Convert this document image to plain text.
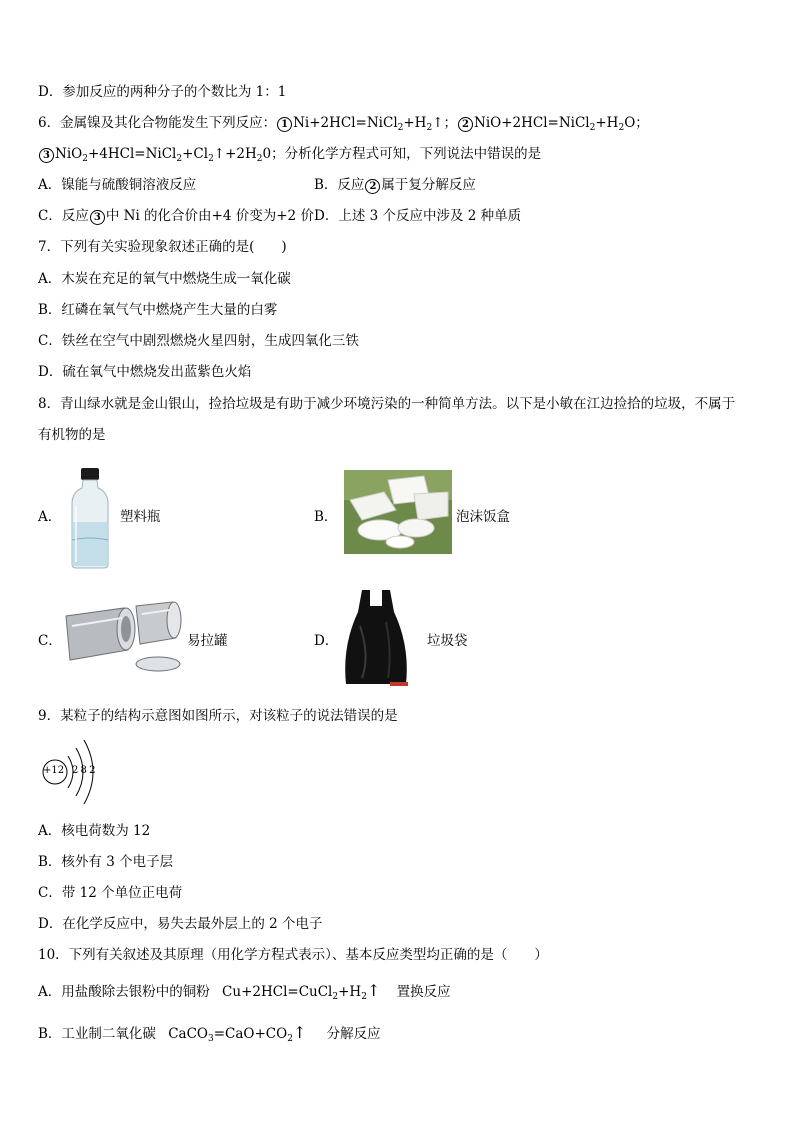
D．参加反应的两种分子的个数比为 1：1
6．金属镍及其化合物能发生下列反应： 1 $Ni+2HCl=NiCl_2+H_2↑$； 2 $NiO+2HCl=NiCl_2+H_2O$；
3 $NiO_2+4HCl=NiCl_2+Cl_2↑+2H_20$；分析化学方程式可知，下列说法中错误的是
A．镍能与硫酸铜溶液反应	B．反应 2 属于复分解反应
C．反应 3 中 Ni 的化合价由+4 价变为+2 价 D．上述 3 个反应中涉及 2 种单质
7．下列有关实验现象叙述正确的是(　　)
A．木炭在充足的氧气中燃烧生成一氧化碳
B．红磷在氧气气中燃烧产生大量的白雾
C．铁丝在空气中剧烈燃烧火星四射，生成四氧化三铁
D．硫在氧气中燃烧发出蓝紫色火焰
8．青山绿水就是金山银山，捡拾垃圾是有助于减少环境污染的一种简单方法。以下是小敏在江边捡拾的垃圾，不属于
有机物的是
A．	塑料瓶	B．	泡沫饭盒
C．	易拉罐	D．	垃圾袋
9．某粒子的结构示意图如图所示，对该粒子的说法错误的是
+12 2 8 2
A．核电荷数为 12
B．核外有 3 个电子层
C．带 12 个单位正电荷
D．在化学反应中，易失去最外层上的 2 个电子
10．下列有关叙述及其原理（用化学方程式表示）、基本反应类型均正确的是（　　）
A．用盐酸除去银粉中的铜粉 $Cu+2HCl=CuCl_2+H_2↑$ 置换反应
B．工业制二氧化碳 $CaCO_3=CaO+CO_2↑$ 分解反应
